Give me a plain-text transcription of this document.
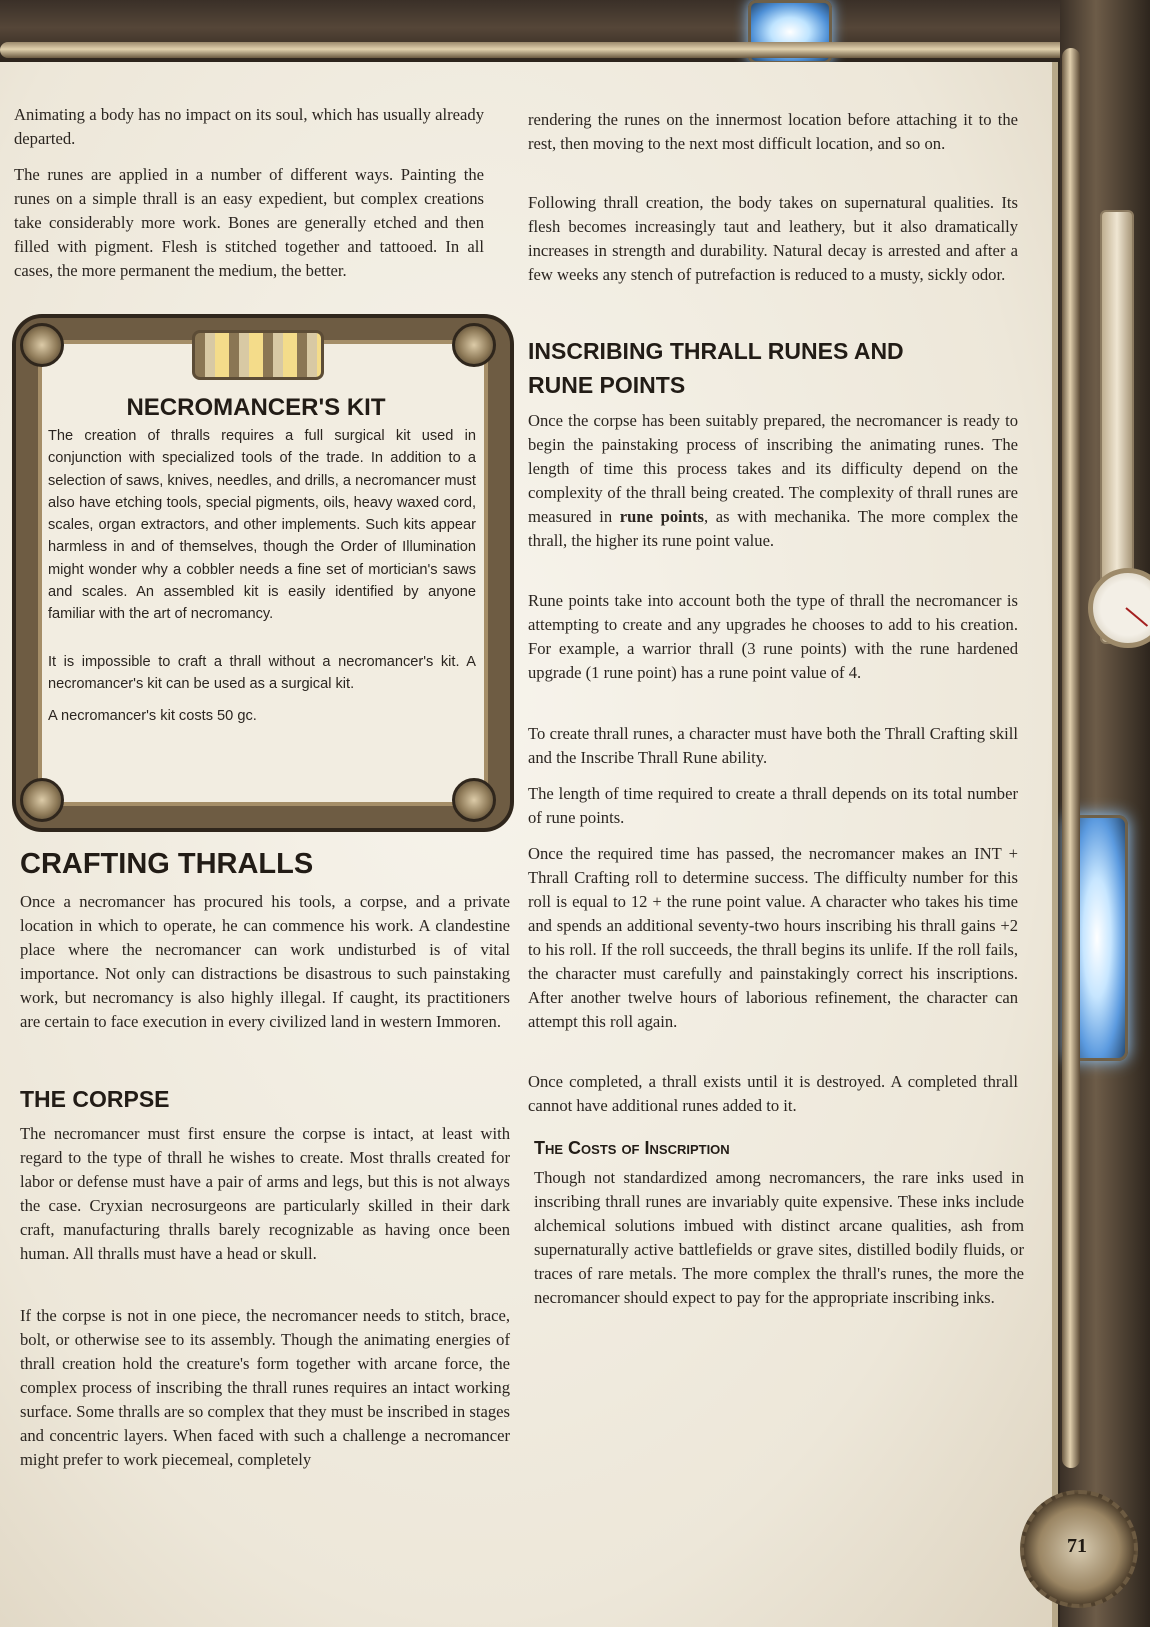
Animating a body has no impact on its soul, which has usually already departed.

The runes are applied in a number of different ways. Painting the runes on a simple thrall is an easy expedient, but complex creations take considerably more work. Bones are generally etched and then filled with pigment. Flesh is stitched together and tattooed. In all cases, the more permanent the medium, the better.

NECROMANCER'S KIT

The creation of thralls requires a full surgical kit used in conjunction with specialized tools of the trade. In addition to a selection of saws, knives, needles, and drills, a necromancer must also have etching tools, special pigments, oils, heavy waxed cord, scales, organ extractors, and other implements. Such kits appear harmless in and of themselves, though the Order of Illumination might wonder why a cobbler needs a fine set of mortician's saws and scales. An assembled kit is easily identified by anyone familiar with the art of necromancy.

It is impossible to craft a thrall without a necromancer's kit. A necromancer's kit can be used as a surgical kit.

A necromancer's kit costs 50 gc.

CRAFTING THRALLS

Once a necromancer has procured his tools, a corpse, and a private location in which to operate, he can commence his work. A clandestine place where the necromancer can work undisturbed is of vital importance. Not only can distractions be disastrous to such painstaking work, but necromancy is also highly illegal. If caught, its practitioners are certain to face execution in every civilized land in western Immoren.

THE CORPSE

The necromancer must first ensure the corpse is intact, at least with regard to the type of thrall he wishes to create. Most thralls created for labor or defense must have a pair of arms and legs, but this is not always the case. Cryxian necrosurgeons are particularly skilled in their dark craft, manufacturing thralls barely recognizable as having once been human. All thralls must have a head or skull.

If the corpse is not in one piece, the necromancer needs to stitch, brace, bolt, or otherwise see to its assembly. Though the animating energies of thrall creation hold the creature's form together with arcane force, the complex process of inscribing the thrall runes requires an intact working surface. Some thralls are so complex that they must be inscribed in stages and concentric layers. When faced with such a challenge a necromancer might prefer to work piecemeal, completely

rendering the runes on the innermost location before attaching it to the rest, then moving to the next most difficult location, and so on.

Following thrall creation, the body takes on supernatural qualities. Its flesh becomes increasingly taut and leathery, but it also dramatically increases in strength and durability. Natural decay is arrested and after a few weeks any stench of putrefaction is reduced to a musty, sickly odor.

INSCRIBING THRALL RUNES AND
RUNE POINTS

Once the corpse has been suitably prepared, the necromancer is ready to begin the painstaking process of inscribing the animating runes. The length of time this process takes and its difficulty depend on the complexity of the thrall being created. The complexity of thrall runes are measured in rune points, as with mechanika. The more complex the thrall, the higher its rune point value.

Rune points take into account both the type of thrall the necromancer is attempting to create and any upgrades he chooses to add to his creation. For example, a warrior thrall (3 rune points) with the rune hardened upgrade (1 rune point) has a rune point value of 4.

To create thrall runes, a character must have both the Thrall Crafting skill and the Inscribe Thrall Rune ability.

The length of time required to create a thrall depends on its total number of rune points.

Once the required time has passed, the necromancer makes an INT + Thrall Crafting roll to determine success. The difficulty number for this roll is equal to 12 + the rune point value. A character who takes his time and spends an additional seventy-two hours inscribing his thrall gains +2 to his roll. If the roll succeeds, the thrall begins its unlife. If the roll fails, the character must carefully and painstakingly correct his inscriptions. After another twelve hours of laborious refinement, the character can attempt this roll again.

Once completed, a thrall exists until it is destroyed. A completed thrall cannot have additional runes added to it.

The Costs of Inscription

Though not standardized among necromancers, the rare inks used in inscribing thrall runes are invariably quite expensive. These inks include alchemical solutions imbued with distinct arcane qualities, ash from supernaturally active battlefields or grave sites, distilled bodily fluids, or traces of rare metals. The more complex the thrall's runes, the more the necromancer should expect to pay for the appropriate inscribing inks.

71
